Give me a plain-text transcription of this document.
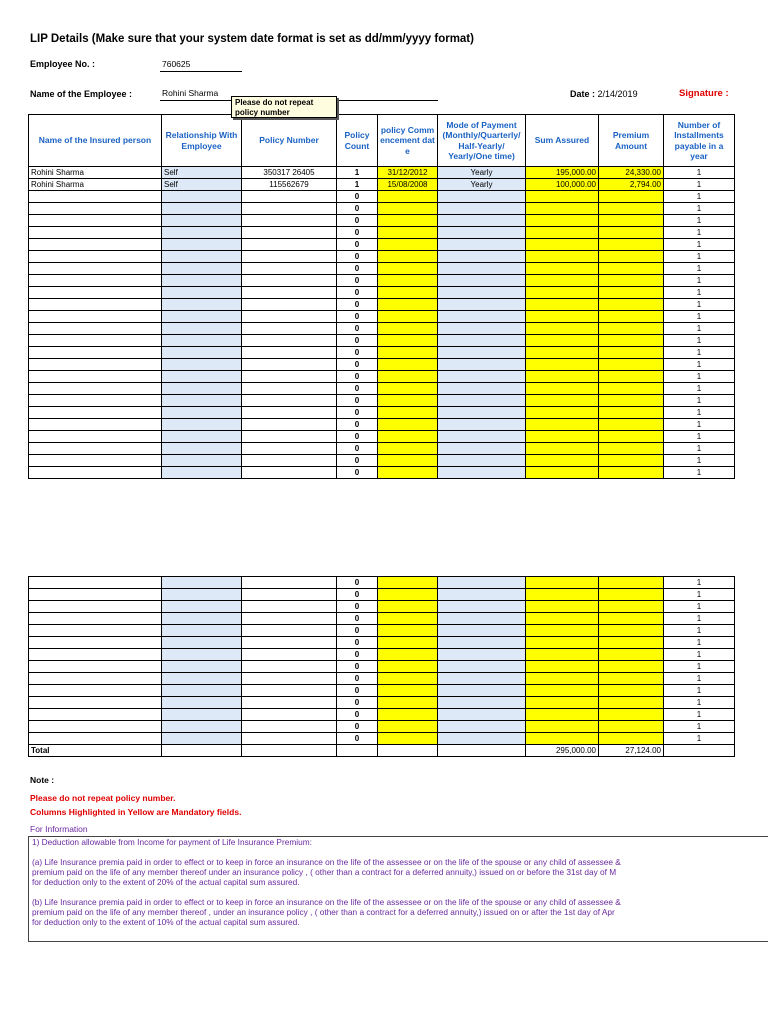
LIP Details (Make sure that your system date format is set as dd/mm/yyyy format)
Employee No. :	760625
Name of the Employee :	Rohini Sharma	Date : 2/14/2019	Signature :
Name of the Insured person	Relationship With Employee	Policy Number	Policy Count	policy Commencement date	Mode of Payment (Monthly/Quarterly/ Half-Yearly/ Yearly/One time)	Sum Assured	Premium Amount	Number of Installments payable in a year
Rohini Sharma	Self	350317 26405	1	31/12/2012	Yearly	195,000.00	24,330.00	1
Rohini Sharma	Self	115562679	1	15/08/2008	Yearly	100,000.00	2,794.00	1
			0					1
			0					1
			0					1
			0					1
			0					1
			0					1
			0					1
			0					1
			0					1
			0					1
			0					1
			0					1
			0					1
			0					1
			0					1
			0					1
			0					1
			0					1
			0					1
			0					1
			0					1
			0					1
			0					1
			0					1
			0					1
			0					1
			0					1
			0					1
			0					1
			0					1
			0					1
			0					1
			0					1
			0					1
			0					1
			0					1
			0					1
			0					1
Total						295,000.00	27,124.00	
Note :
Please do not repeat policy number.
Columns Highlighted in Yellow are Mandatory fields.
For Information

1) Deduction allowable from Income for payment of Life Insurance Premium:

(a) Life Insurance premia paid in order to effect or to keep in force an insurance on the life of the assessee or on the life of the spouse or any child of assessee &

premium paid on the life of any member thereof under an insurance policy , ( other than a contract for a deferred annuity,) issued on or before the 31st day of M

for deduction only to the extent of 20% of the actual capital sum assured.

(b) Life Insurance premia paid in order to effect or to keep in force an insurance on the life of the assessee or on the life of the spouse or any child of assessee &

premium paid on the life of any member thereof , under an insurance policy , ( other than a contract for a deferred annuity,) issued on or after the 1st day of Apr

for deduction only to the extent of 10% of the actual capital sum assured.

Please do not repeat policy number
